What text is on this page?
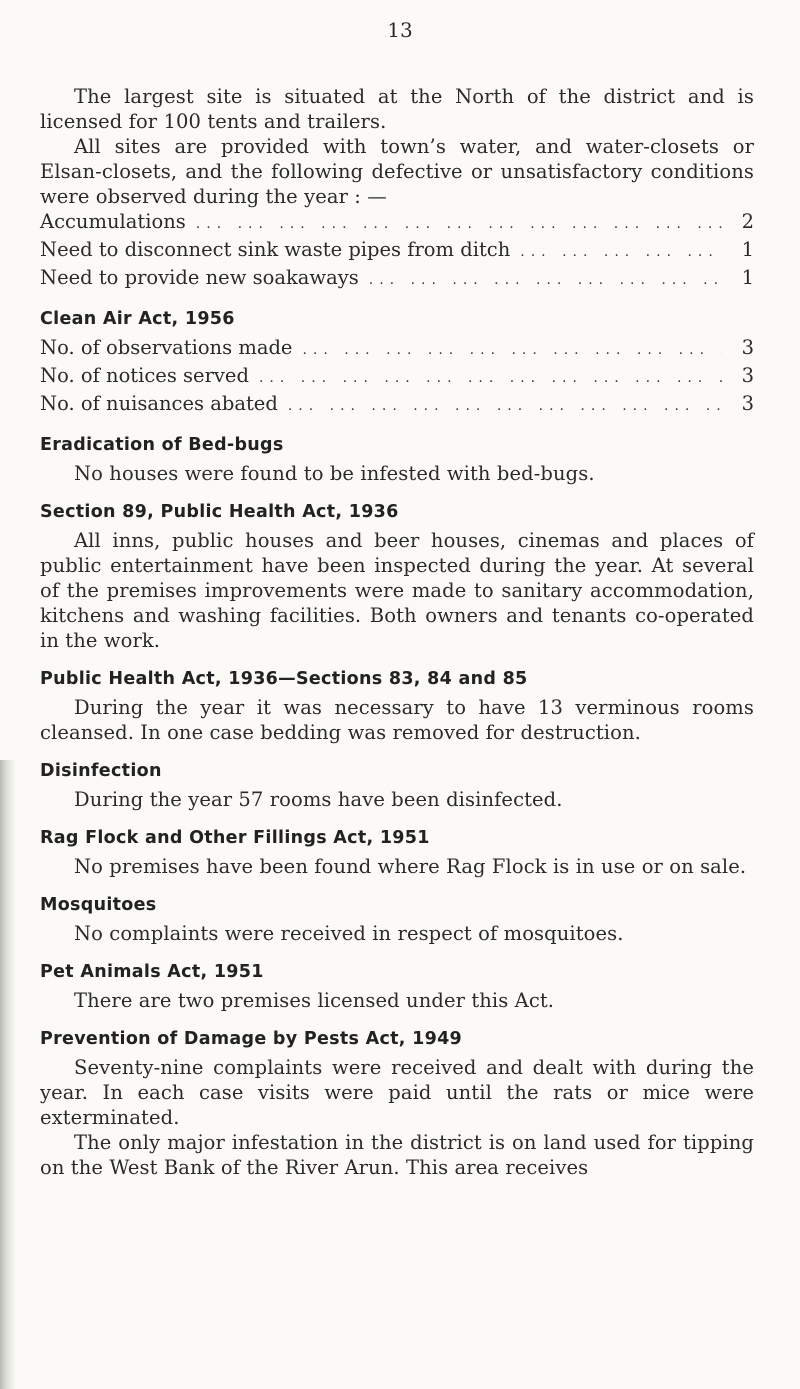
13

The largest site is situated at the North of the district and is licensed for 100 tents and trailers.

All sites are provided with town’s water, and water-closets or Elsan-closets, and the following defective or unsatisfactory conditions were observed during the year : —

Accumulations ... .	2
Need to disconnect sink waste pipes from ditch ... .	1
Need to provide new soakaways ... .	1
Clean Air Act, 1956
No. of observations made ... .	3
No. of notices served ... .	3
No. of nuisances abated ... .	3
Eradication of Bed-bugs

No houses were found to be infested with bed-bugs.

Section 89, Public Health Act, 1936

All inns, public houses and beer houses, cinemas and places of public entertainment have been inspected during the year. At several of the premises improvements were made to sanitary accommodation, kitchens and washing facilities. Both owners and tenants co-operated in the work.

Public Health Act, 1936—Sections 83, 84 and 85

During the year it was necessary to have 13 verminous rooms cleansed. In one case bedding was removed for destruction.

Disinfection

During the year 57 rooms have been disinfected.

Rag Flock and Other Fillings Act, 1951

No premises have been found where Rag Flock is in use or on sale.

Mosquitoes

No complaints were received in respect of mosquitoes.

Pet Animals Act, 1951

There are two premises licensed under this Act.

Prevention of Damage by Pests Act, 1949

Seventy-nine complaints were received and dealt with during the year. In each case visits were paid until the rats or mice were exterminated.

The only major infestation in the district is on land used for tipping on the West Bank of the River Arun. This area receives
